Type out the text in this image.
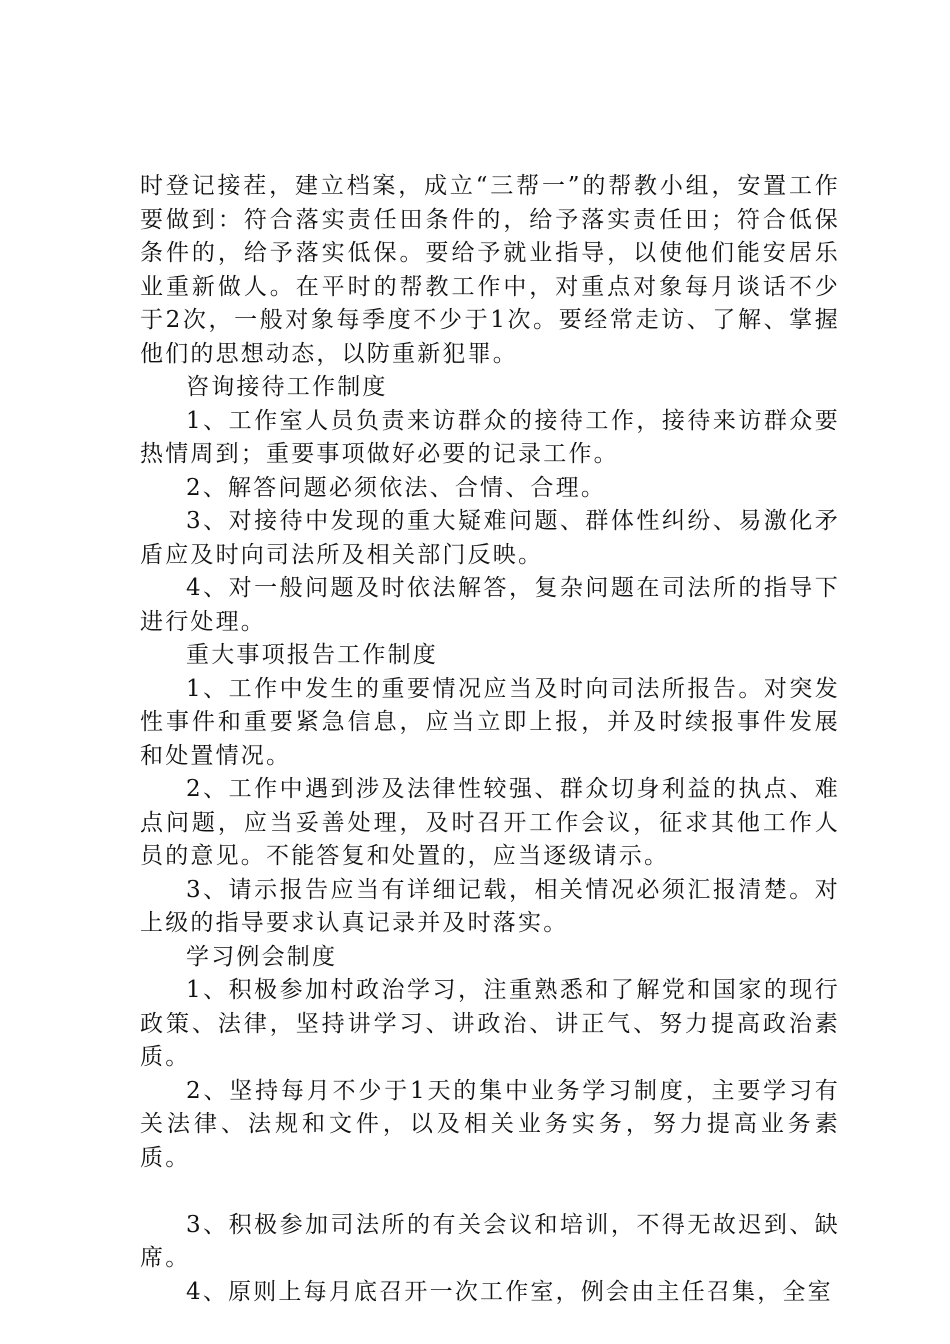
时登记接茬，建立档案，成立“三帮一”的帮教小组，安置工作要做到：符合落实责任田条件的，给予落实责任田；符合低保条件的，给予落实低保。要给予就业指导，以使他们能安居乐业重新做人。在平时的帮教工作中，对重点对象每月谈话不少于2次，一般对象每季度不少于1次。要经常走访、了解、掌握他们的思想动态，以防重新犯罪。

咨询接待工作制度

1、工作室人员负责来访群众的接待工作，接待来访群众要热情周到；重要事项做好必要的记录工作。

2、解答问题必须依法、合情、合理。

3、对接待中发现的重大疑难问题、群体性纠纷、易激化矛盾应及时向司法所及相关部门反映。

4、对一般问题及时依法解答，复杂问题在司法所的指导下进行处理。

重大事项报告工作制度

1、工作中发生的重要情况应当及时向司法所报告。对突发性事件和重要紧急信息，应当立即上报，并及时续报事件发展和处置情况。

2、工作中遇到涉及法律性较强、群众切身利益的执点、难点问题，应当妥善处理，及时召开工作会议，征求其他工作人员的意见。不能答复和处置的，应当逐级请示。

3、请示报告应当有详细记载，相关情况必须汇报清楚。对上级的指导要求认真记录并及时落实。

学习例会制度

1、积极参加村政治学习，注重熟悉和了解党和国家的现行政策、法律，坚持讲学习、讲政治、讲正气、努力提高政治素质。

2、坚持每月不少于1天的集中业务学习制度，主要学习有关法律、法规和文件，以及相关业务实务，努力提高业务素质。

3、积极参加司法所的有关会议和培训，不得无故迟到、缺席。

4、原则上每月底召开一次工作室，例会由主任召集，全室
